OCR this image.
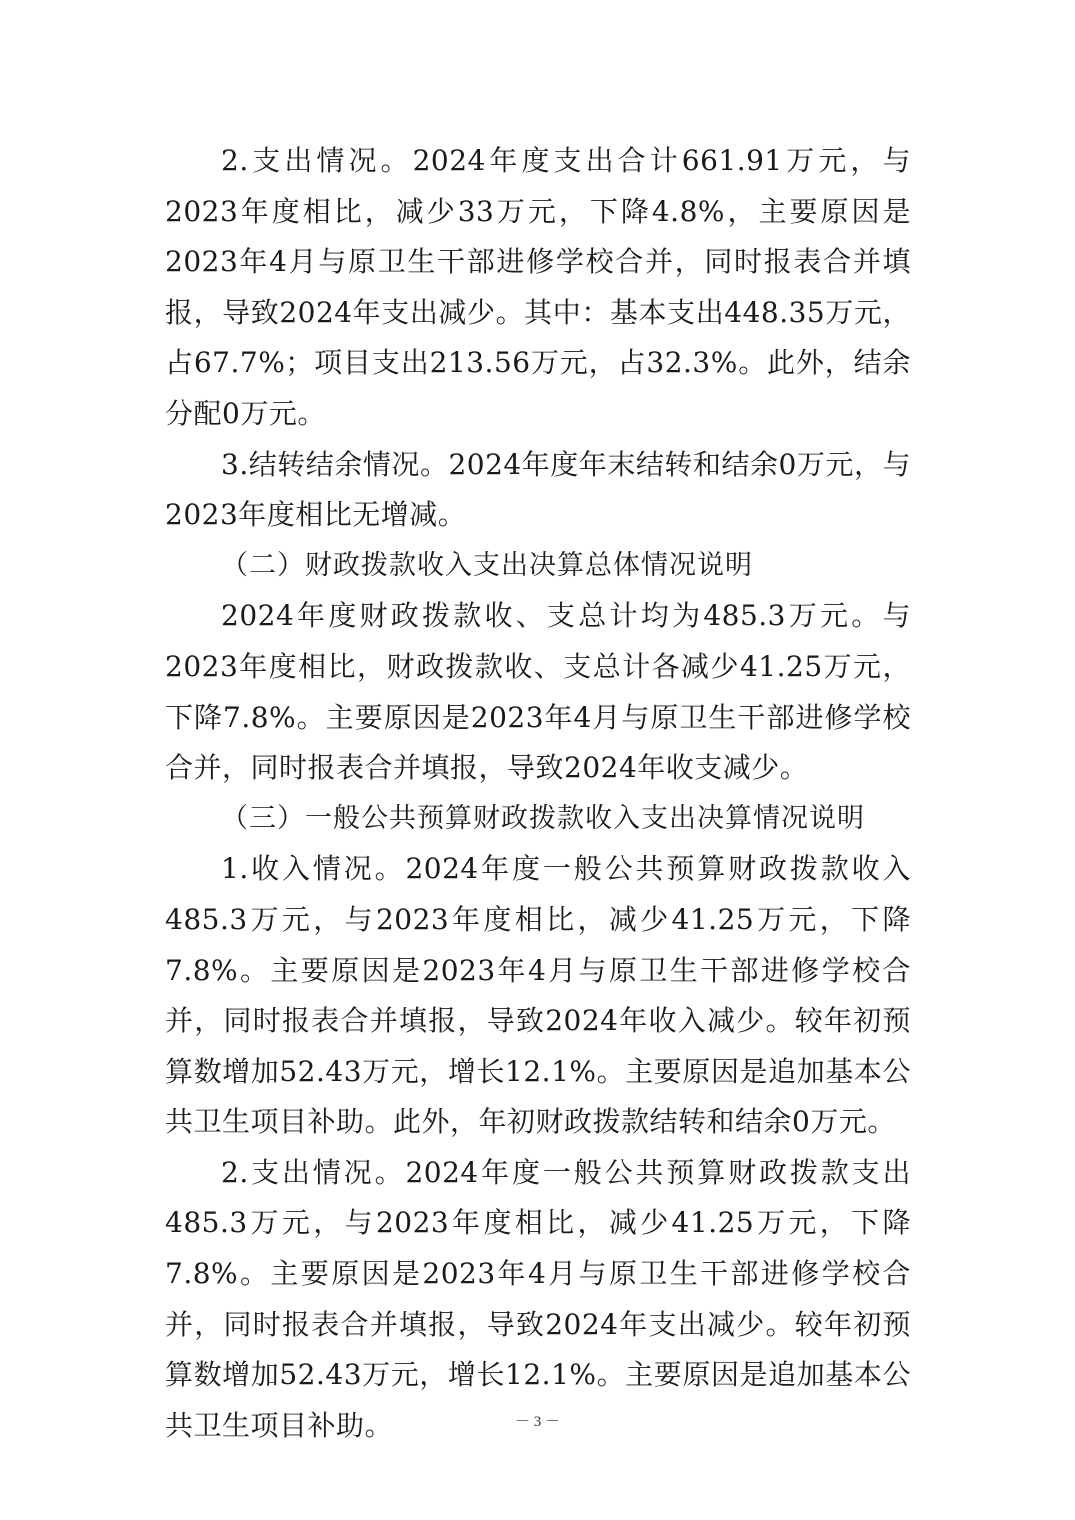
2.支出情况。2024年度支出合计661.91万元，与2023年度相比，减少33万元，下降4.8%，主要原因是2023年4月与原卫生干部进修学校合并，同时报表合并填报，导致2024年支出减少。其中：基本支出448.35万元，占67.7%；项目支出213.56万元，占32.3%。此外，结余分配0万元。

3.结转结余情况。2024年度年末结转和结余0万元，与2023年度相比无增减。

（二）财政拨款收入支出决算总体情况说明

2024年度财政拨款收、支总计均为485.3万元。与2023年度相比，财政拨款收、支总计各减少41.25万元，下降7.8%。主要原因是2023年4月与原卫生干部进修学校合并，同时报表合并填报，导致2024年收支减少。

（三）一般公共预算财政拨款收入支出决算情况说明

1.收入情况。2024年度一般公共预算财政拨款收入485.3万元，与2023年度相比，减少41.25万元，下降7.8%。主要原因是2023年4月与原卫生干部进修学校合并，同时报表合并填报，导致2024年收入减少。较年初预算数增加52.43万元，增长12.1%。主要原因是追加基本公共卫生项目补助。此外，年初财政拨款结转和结余0万元。

2.支出情况。2024年度一般公共预算财政拨款支出485.3万元，与2023年度相比，减少41.25万元，下降7.8%。主要原因是2023年4月与原卫生干部进修学校合并，同时报表合并填报，导致2024年支出减少。较年初预算数增加52.43万元，增长12.1%。主要原因是追加基本公共卫生项目补助。	－ 3 －
